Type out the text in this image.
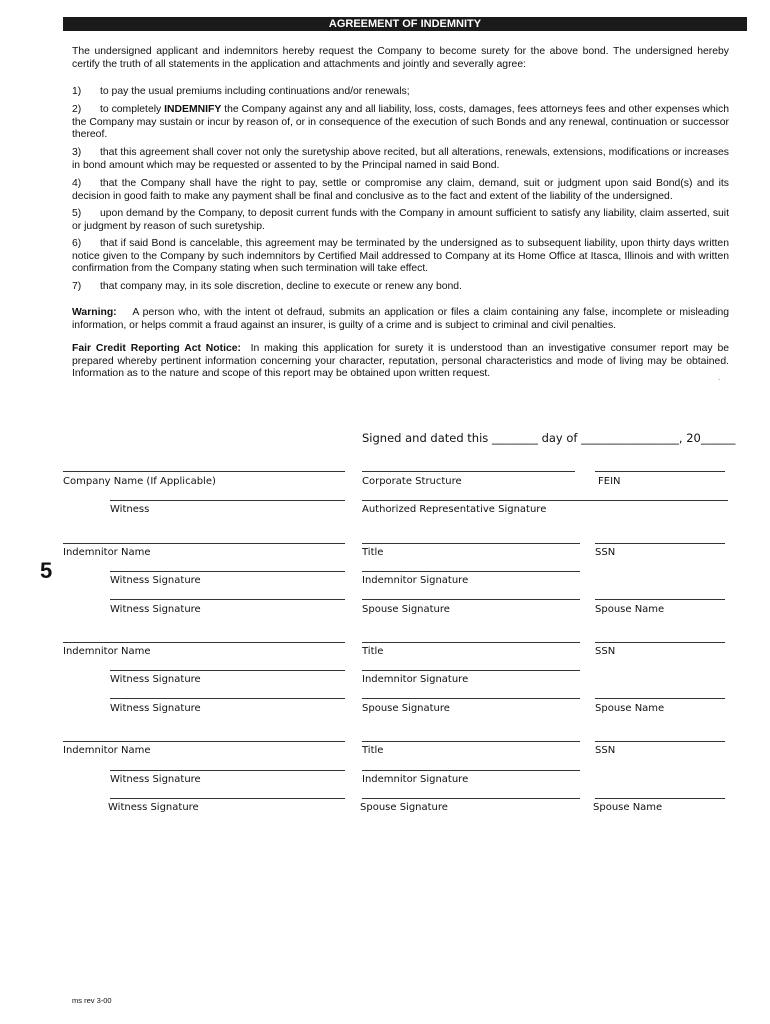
AGREEMENT OF INDEMNITY
The undersigned applicant and indemnitors hereby request the Company to become surety for the above bond. The undersigned hereby certify the truth of all statements in the application and attachments and jointly and severally agree:
1) to pay the usual premiums including continuations and/or renewals;
2) to completely INDEMNIFY the Company against any and all liability, loss, costs, damages, fees attorneys fees and other expenses which the Company may sustain or incur by reason of, or in consequence of the execution of such Bonds and any renewal, continuation or successor thereof.
3) that this agreement shall cover not only the suretyship above recited, but all alterations, renewals, extensions, modifications or increases in bond amount which may be requested or assented to by the Principal named in said Bond.
4) that the Company shall have the right to pay, settle or compromise any claim, demand, suit or judgment upon said Bond(s) and its decision in good faith to make any payment shall be final and conclusive as to the fact and extent of the liability of the undersigned.
5) upon demand by the Company, to deposit current funds with the Company in amount sufficient to satisfy any liability, claim asserted, suit or judgment by reason of such suretyship.
6) that if said Bond is cancelable, this agreement may be terminated by the undersigned as to subsequent liability, upon thirty days written notice given to the Company by such indemnitors by Certified Mail addressed to Company at its Home Office at Itasca, Illinois and with written confirmation from the Company stating when such termination will take effect.
7) that company may, in its sole discretion, decline to execute or renew any bond.
Warning: A person who, with the intent ot defraud, submits an application or files a claim containing any false, incomplete or misleading information, or helps commit a fraud against an insurer, is guilty of a crime and is subject to criminal and civil penalties.
Fair Credit Reporting Act Notice: In making this application for surety it is understood than an investigative consumer report may be prepared whereby pertinent information concerning your character, reputation, personal characteristics and mode of living may be obtained. Information as to the nature and scope of this report may be obtained upon written request.	.
Signed and dated this ________ day of _________________, 20______
Company Name (If Applicable)	Corporate Structure	FEIN
Witness	Authorized Representative Signature
5
Indemnitor Name	Title	SSN
Witness Signature	Indemnitor Signature
Witness Signature	Spouse Signature	Spouse Name
Indemnitor Name	Title	SSN
Witness Signature	Indemnitor Signature
Witness Signature	Spouse Signature	Spouse Name
Indemnitor Name	Title	SSN
Witness Signature	Indemnitor Signature
Witness Signature	Spouse Signature	Spouse Name
ms rev 3-00
